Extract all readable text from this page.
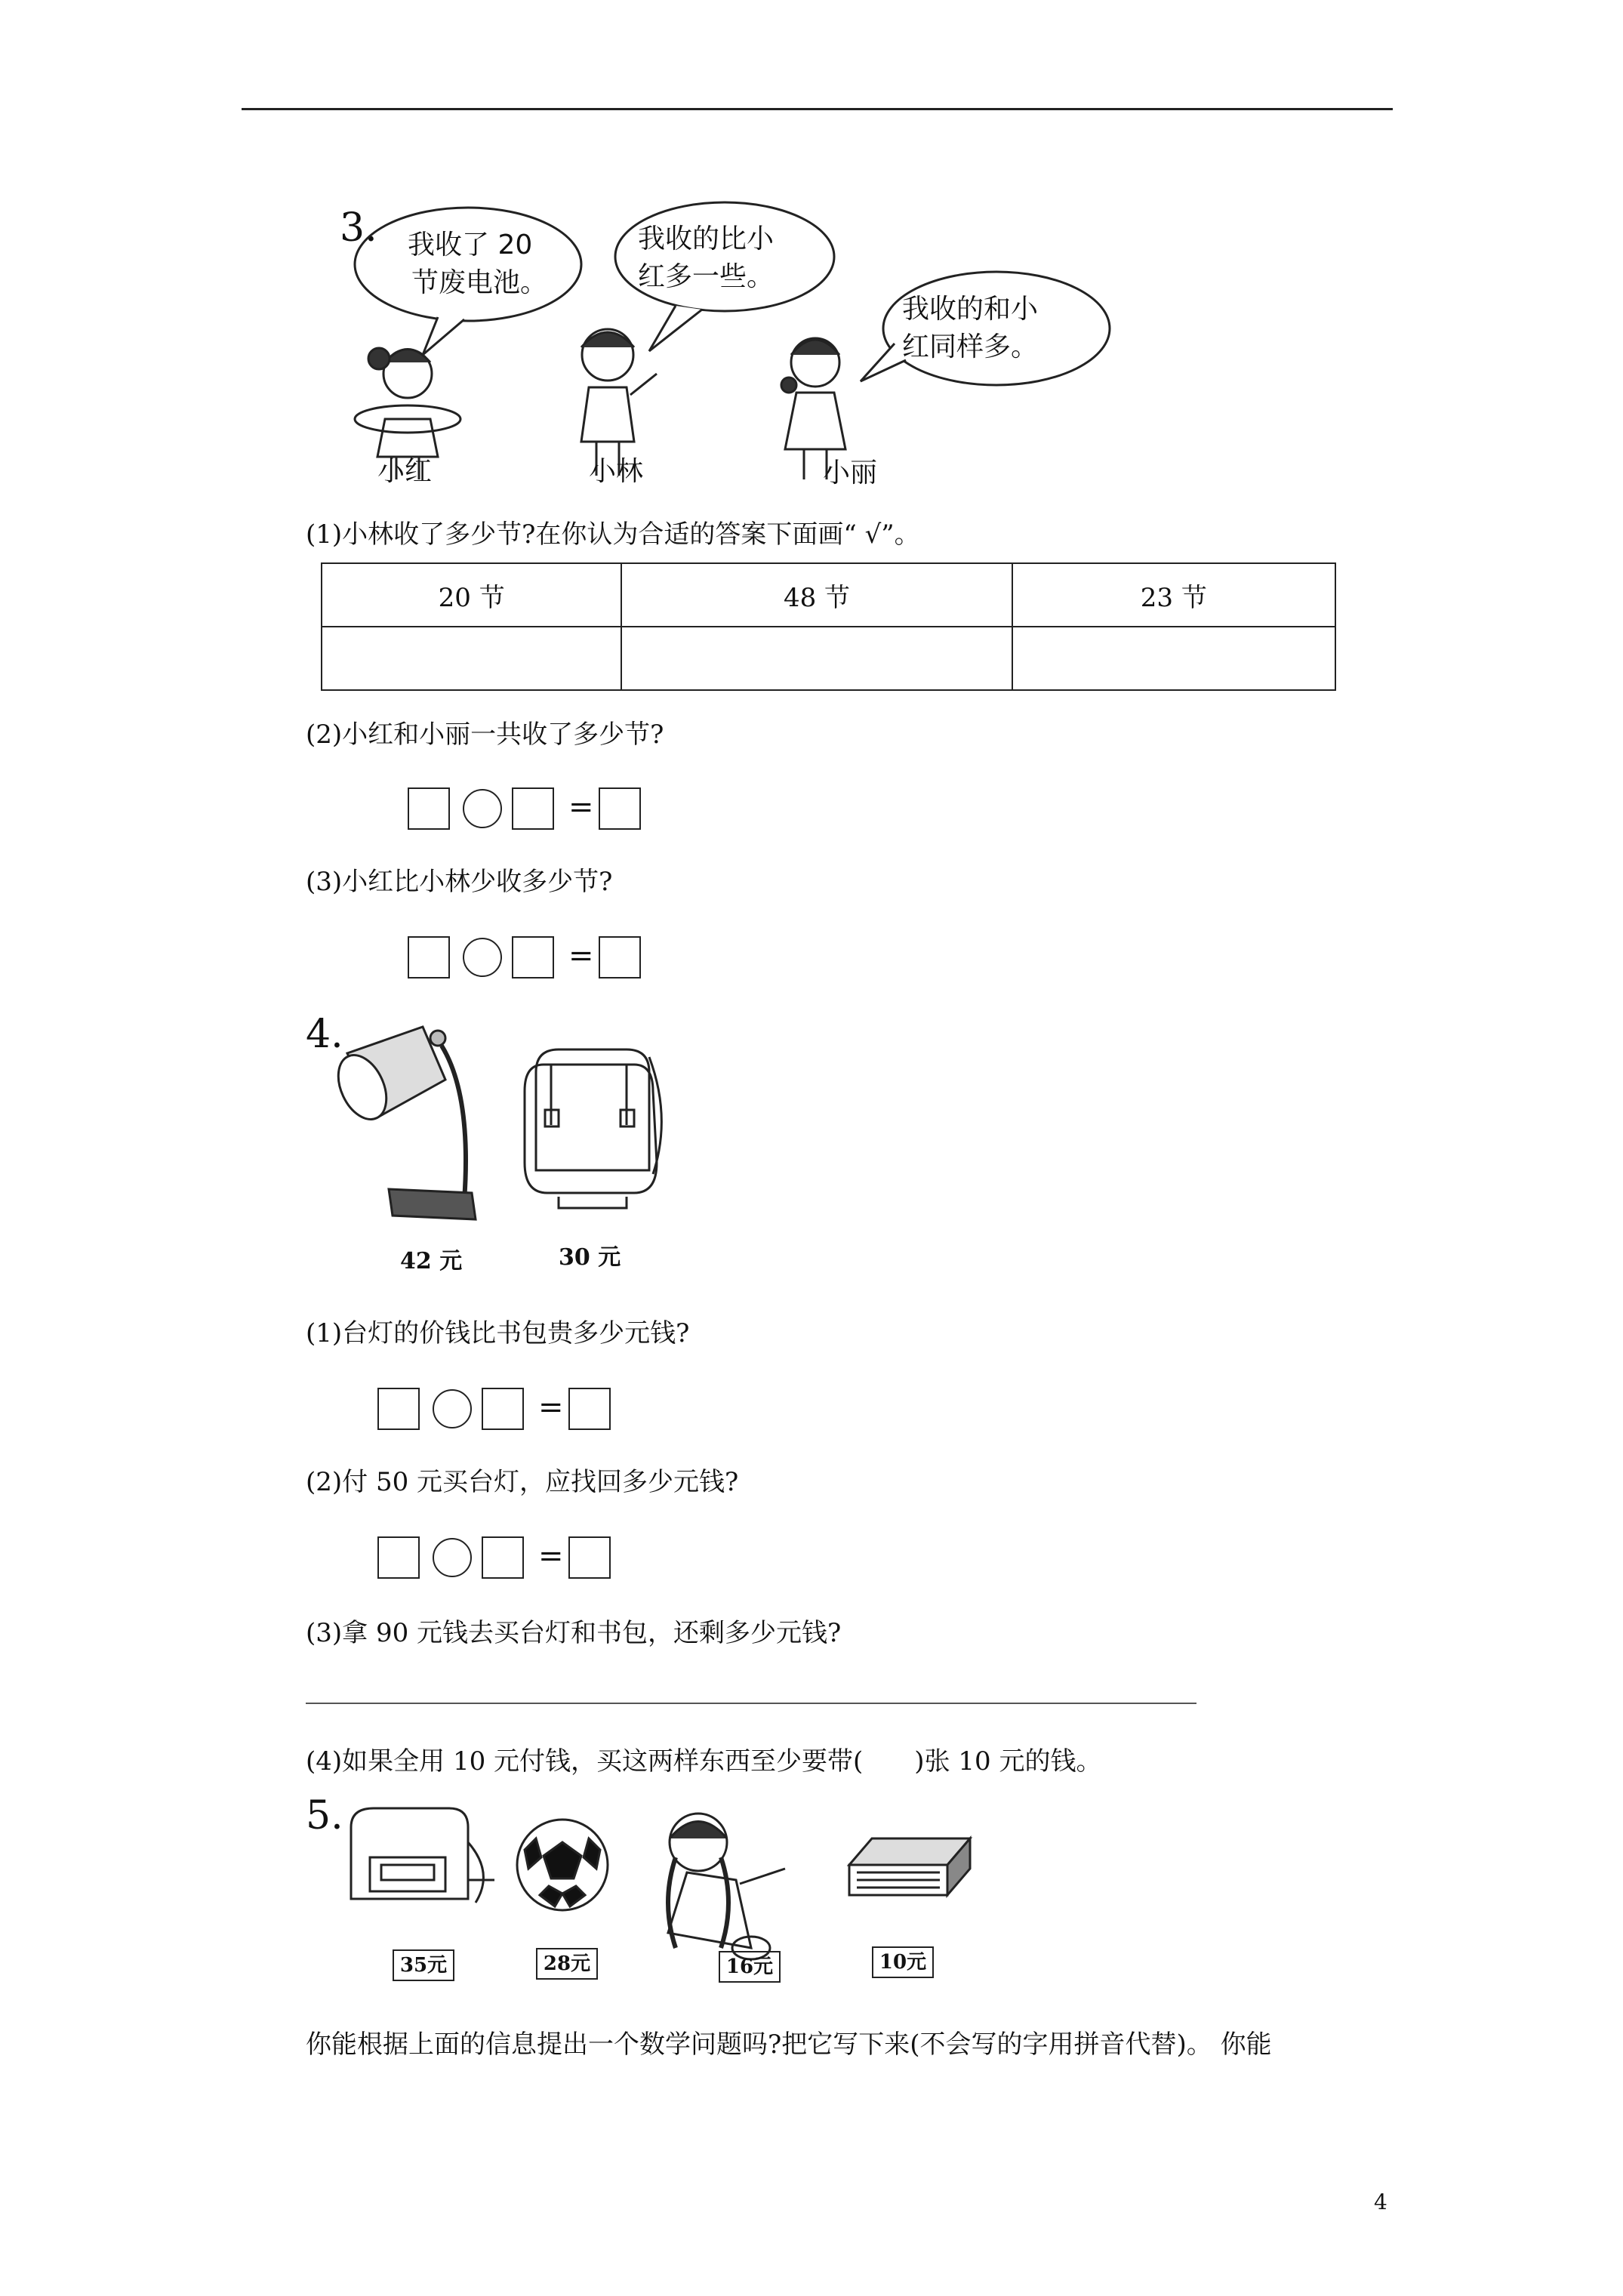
3. 我收了 20
节废电池。
我收的比小
红多一些。
我收的和小
红同样多。
小红	小林	小丽
(1)小林收了多少节?在你认为合适的答案下面画“ √”。
20 节	48 节	23 节

(2)小红和小丽一共收了多少节?
=
(3)小红比小林少收多少节?
=
4.
42 元	30 元
(1)台灯的价钱比书包贵多少元钱?
=
(2)付 50 元买台灯，应找回多少元钱?
=
(3)拿 90 元钱去买台灯和书包，还剩多少元钱?
(4)如果全用 10 元付钱，买这两样东西至少要带(　　)张 10 元的钱。
5.
35元	28元	16元	10元
你能根据上面的信息提出一个数学问题吗?把它写下来(不会写的字用拼音代替)。 你能
4
